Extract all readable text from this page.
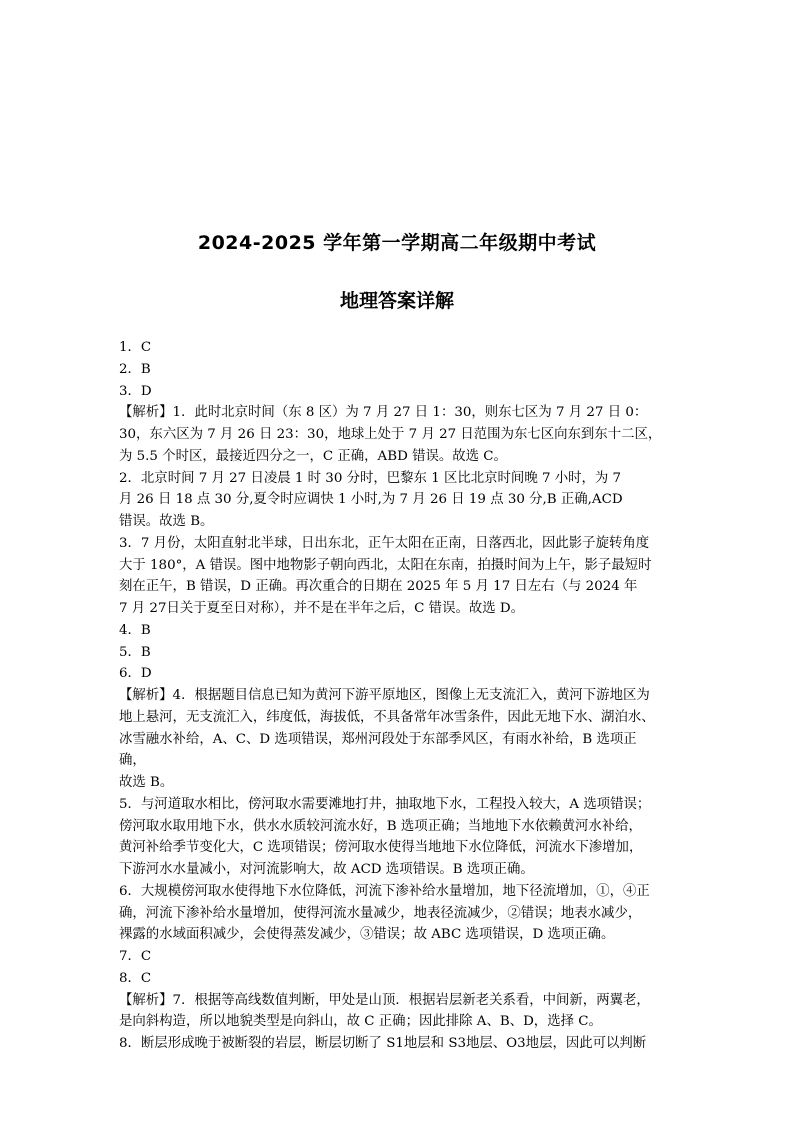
2024-2025 学年第一学期高二年级期中考试
地理答案详解
1．C
2．B
3．D
【解析】1．此时北京时间（东 8 区）为 7 月 27 日 1：30，则东七区为 7 月 27 日 0：
30，东六区为 7 月 26 日 23：30，地球上处于 7 月 27 日范围为东七区向东到东十二区，
为 5.5 个时区，最接近四分之一，C 正确，ABD 错误。故选 C。
2．北京时间 7 月 27 日凌晨 1 时 30 分时，巴黎东 1 区比北京时间晚 7 小时，为 7
月 26 日 18 点 30 分,夏令时应调快 1 小时,为 7 月 26 日 19 点 30 分,B 正确,ACD
错误。故选 B。
3．7 月份，太阳直射北半球，日出东北，正午太阳在正南，日落西北，因此影子旋转角度
大于 180°，A 错误。图中地物影子朝向西北，太阳在东南，拍摄时间为上午，影子最短时
刻在正午，B 错误，D 正确。再次重合的日期在 2025 年 5 月 17 日左右（与 2024 年
7 月 27日关于夏至日对称），并不是在半年之后，C 错误。故选 D。
4．B
5．B
6．D
【解析】4．根据题目信息已知为黄河下游平原地区，图像上无支流汇入，黄河下游地区为
地上悬河，无支流汇入，纬度低，海拔低，不具备常年冰雪条件，因此无地下水、湖泊水、
冰雪融水补给，A、C、D 选项错误，郑州河段处于东部季风区，有雨水补给，B 选项正
确，
故选 B。
5．与河道取水相比，傍河取水需要滩地打井，抽取地下水，工程投入较大，A 选项错误；
傍河取水取用地下水，供水水质较河流水好，B 选项正确；当地地下水依赖黄河水补给，
黄河补给季节变化大，C 选项错误；傍河取水使得当地地下水位降低，河流水下渗增加，
下游河水水量减小，对河流影响大，故 ACD 选项错误。B 选项正确。
6．大规模傍河取水使得地下水位降低，河流下渗补给水量增加，地下径流增加，①，④正
确，河流下渗补给水量增加，使得河流水量减少，地表径流减少，②错误；地表水减少，
裸露的水域面积减少，会使得蒸发减少，③错误；故 ABC 选项错误，D 选项正确。
7．C
8．C
【解析】7．根据等高线数值判断，甲处是山顶．根据岩层新老关系看，中间新，两翼老，
是向斜构造，所以地貌类型是向斜山，故 C 正确；因此排除 A、B、D，选择 C。
8．断层形成晚于被断裂的岩层，断层切断了 S1地层和 S3地层、O3地层，因此可以判断
